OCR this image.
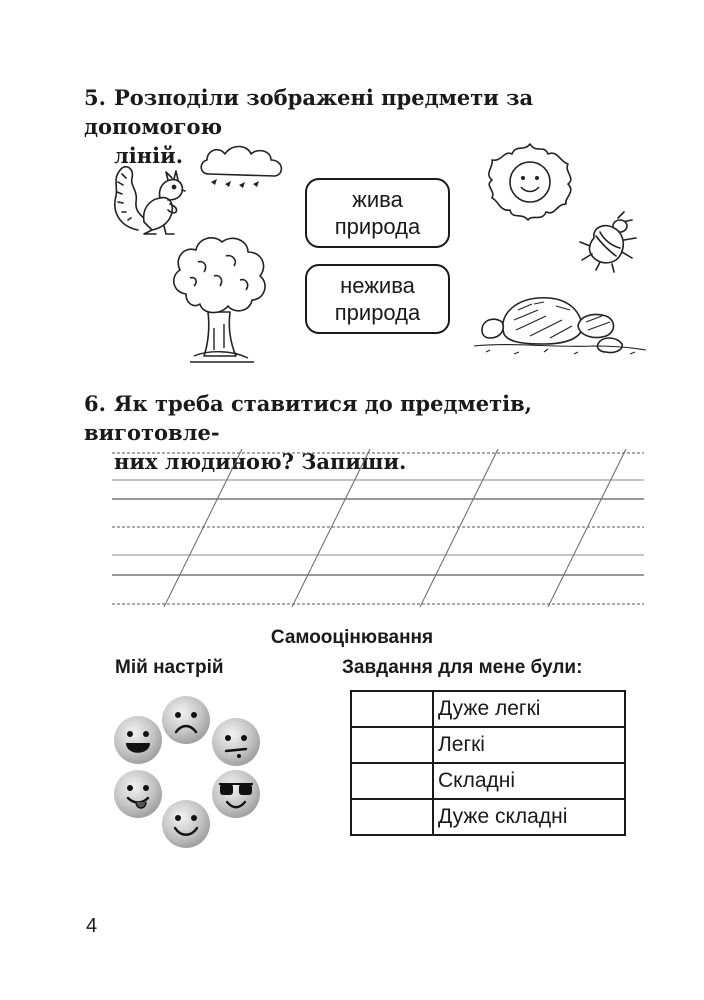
5. Розподіли зображені предмети за допомогою
ліній.
жива
природа
нежива
природа
6. Як треба ставитися до предметів, виготовле-
них людиною? Запиши.
Самооцінювання
Мій настрій	Завдання для мене були:
	Дуже легкі
	Легкі
	Складні
	Дуже складні
4
